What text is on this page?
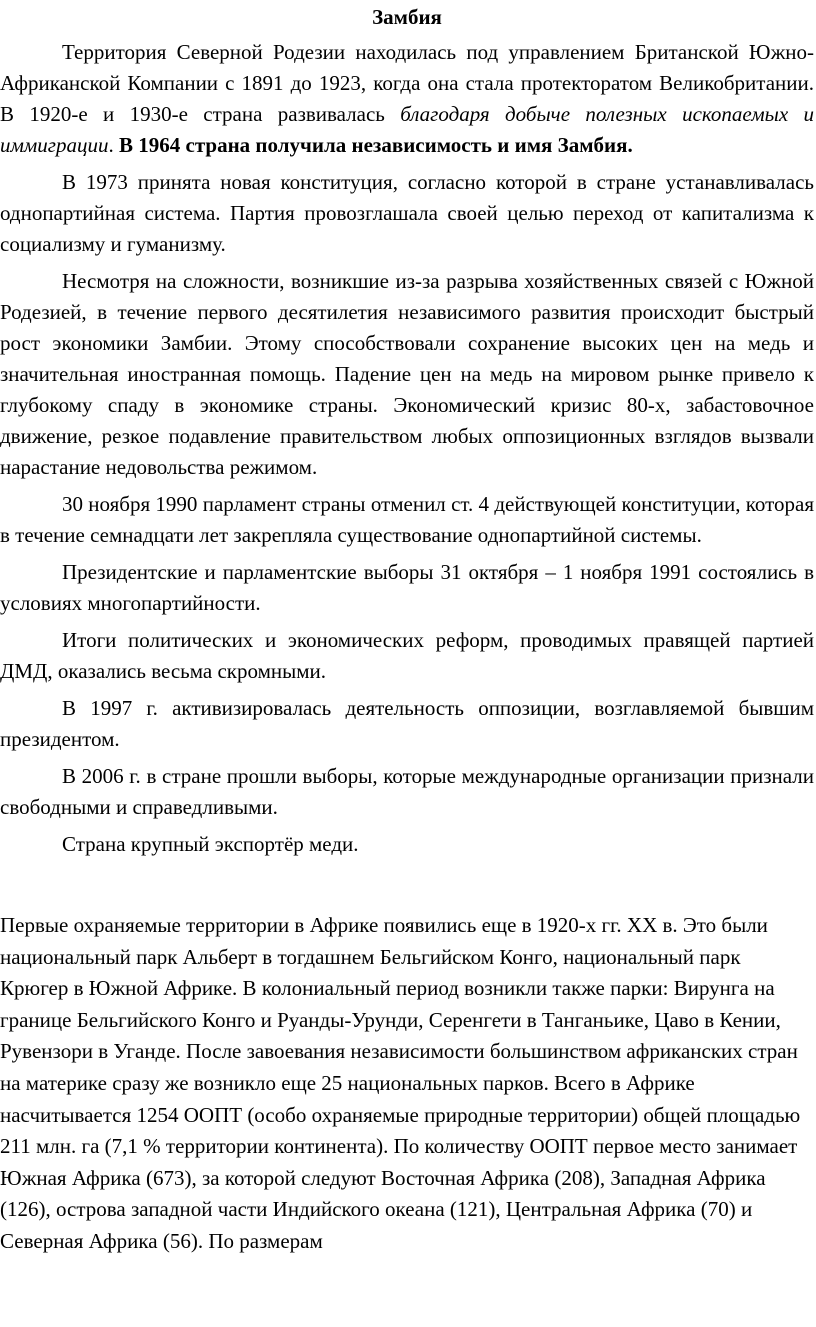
Замбия

Территория Северной Родезии находилась под управлением Британской Южно-Африканской Компании с 1891 до 1923, когда она стала протекторатом Великобритании. В 1920-е и 1930-е страна развивалась благодаря добыче полезных ископаемых и иммиграции. В 1964 страна получила независимость и имя Замбия.

В 1973 принята новая конституция, согласно которой в стране устанавливалась однопартийная система. Партия провозглашала своей целью переход от капитализма к социализму и гуманизму.

Несмотря на сложности, возникшие из-за разрыва хозяйственных связей с Южной Родезией, в течение первого десятилетия независимого развития происходит быстрый рост экономики Замбии. Этому способствовали сохранение высоких цен на медь и значительная иностранная помощь. Падение цен на медь на мировом рынке привело к глубокому спаду в экономике страны. Экономический кризис 80-х, забастовочное движение, резкое подавление правительством любых оппозиционных взглядов вызвали нарастание недовольства режимом.

30 ноября 1990 парламент страны отменил ст. 4 действующей конституции, которая в течение семнадцати лет закрепляла существование однопартийной системы.

Президентские и парламентские выборы 31 октября – 1 ноября 1991 состоялись в условиях многопартийности.

Итоги политических и экономических реформ, проводимых правящей партией ДМД, оказались весьма скромными.

В 1997 г. активизировалась деятельность оппозиции, возглавляемой бывшим президентом.

В 2006 г. в стране прошли выборы, которые международные организации признали свободными и справедливыми.

Страна крупный экспортёр меди.

Первые охраняемые территории в Африке появились еще в 1920-х гг. XX в. Это были национальный парк Альберт в тогдашнем Бельгийском Конго, национальный парк Крюгер в Южной Африке. В колониальный период возникли также парки: Вирунга на границе Бельгийского Конго и Руанды-Урунди, Серенгети в Танганьике, Цаво в Кении, Рувензори в Уганде. После завоевания независимости большинством африканских стран на материке сразу же возникло еще 25 национальных парков. Всего в Африке насчитывается 1254 ООПТ (особо охраняемые природные территории) общей площадью 211 млн. га (7,1 % территории континента). По количеству ООПТ первое место занимает Южная Африка (673), за которой следуют Восточная Африка (208), Западная Африка (126), острова западной части Индийского океана (121), Центральная Африка (70) и Северная Африка (56). По размерам
